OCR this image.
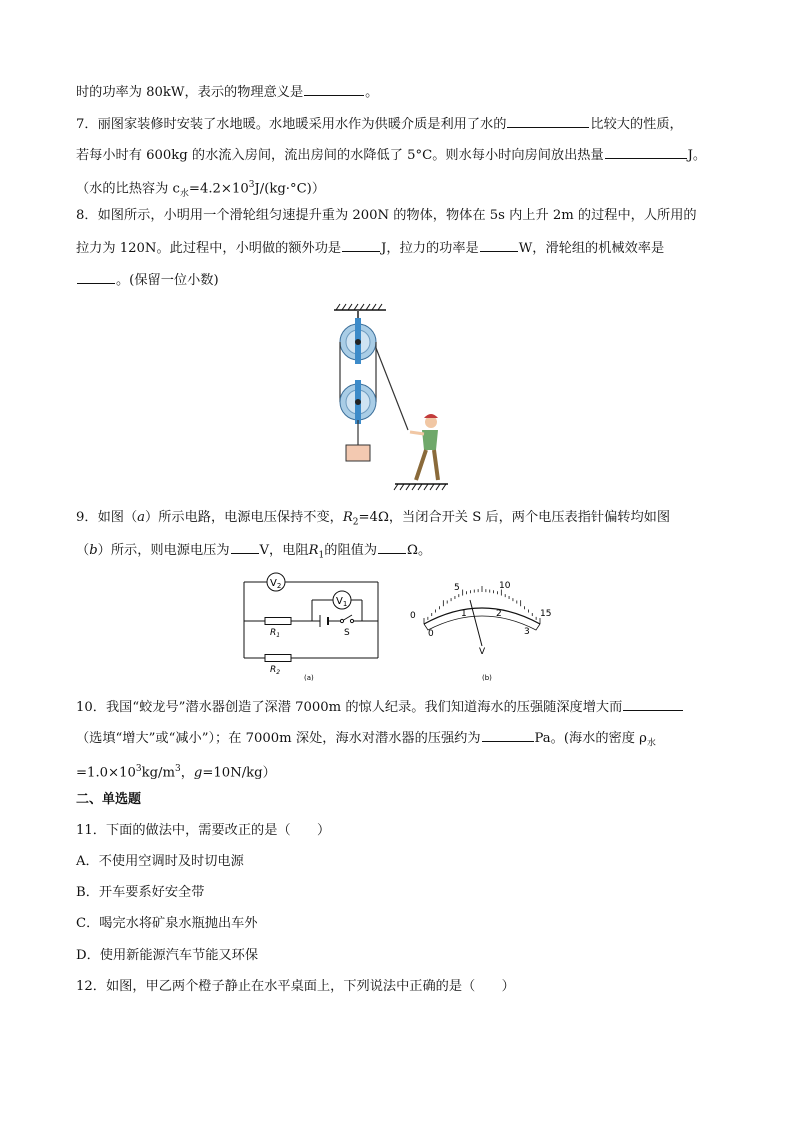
时的功率为 80kW，表示的物理意义是	。
7．丽图家装修时安装了水地暖。水地暖采用水作为供暖介质是利用了水的	比较大的性质，
若每小时有 600kg 的水流入房间，流出房间的水降低了 5°C。则水每小时向房间放出热量	J。
（水的比热容为 $c_水=4.2\times 10^3J/(kg\cdot^\circ C)$）
8．如图所示，小明用一个滑轮组匀速提升重为 200N 的物体，物体在 5s 内上升 2m 的过程中，人所用的
拉力为 120N。此过程中，小明做的额外功是	J，拉力的功率是	W，滑轮组的机械效率是
。(保留一位小数)
9．如图（a）所示电路，电源电压保持不变，$R_2=4\Omega$，当闭合开关 S 后，两个电压表指针偏转均如图
（b）所示，则电源电压为 V，电阻$R_1$的阻值为 Ω。
$V_2$
$V_1$
$R_1$	S
$R_2$
(a)
0
5	10
15
0
1	2
3
V
(b)
10．我国“蛟龙号”潜水器创造了深潜 7000m 的惊人纪录。我们知道海水的压强随深度增大而
（选填“增大”或“减小”）；在 7000m 深处，海水对潜水器的压强约为	Pa。(海水的密度 $\rho_水$
$=1.0\times 10^3kg/m^3$，g=10N/kg）
二、单选题
11．下面的做法中，需要改正的是（　　）
A．不使用空调时及时切电源
B．开车要系好安全带
C．喝完水将矿泉水瓶抛出车外
D．使用新能源汽车节能又环保
12．如图，甲乙两个橙子静止在水平桌面上，下列说法中正确的是（　　）
